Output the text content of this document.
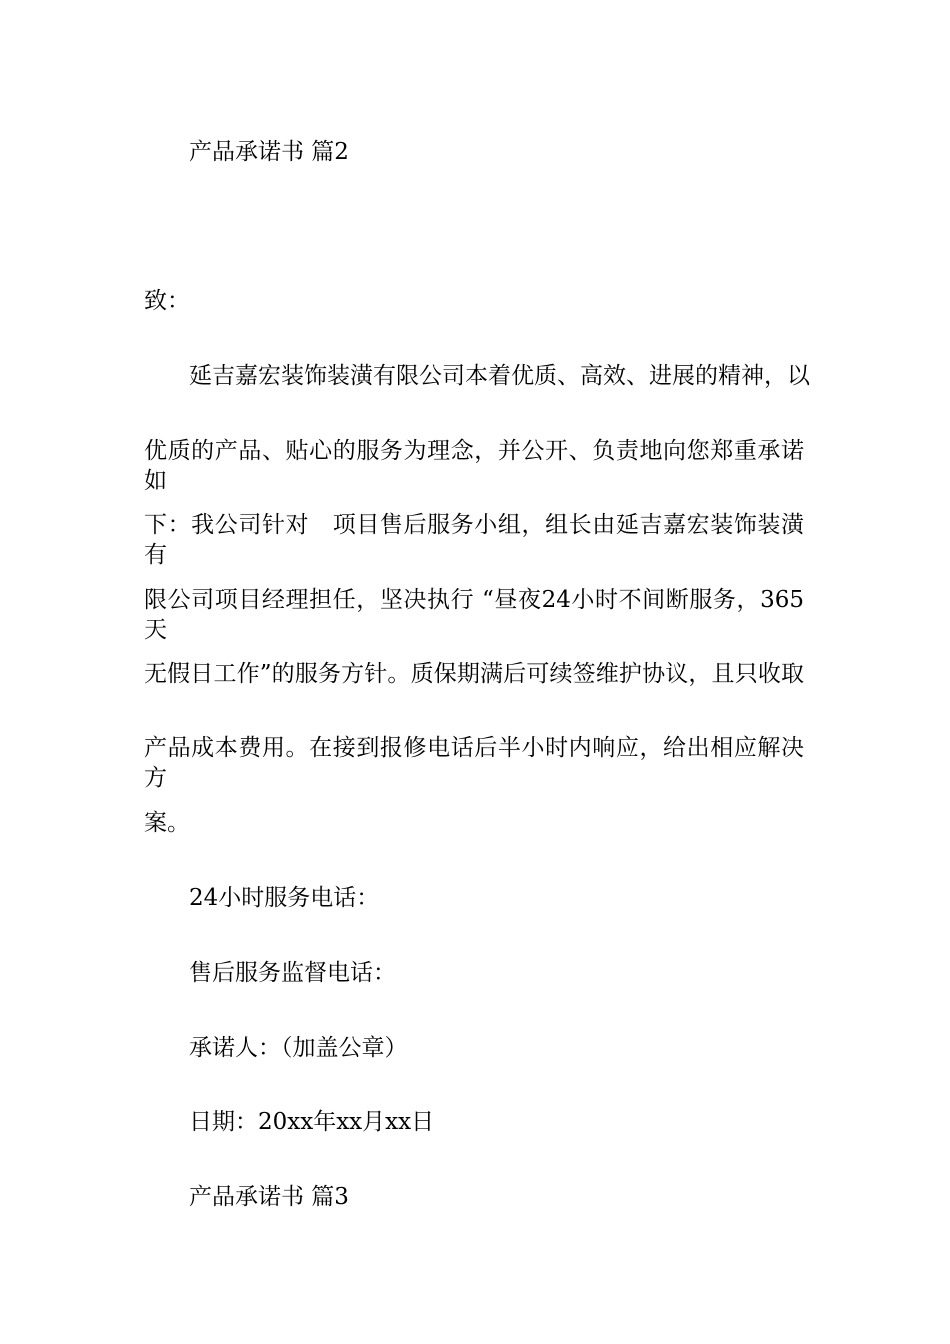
产品承诺书 篇2
致：
延吉嘉宏装饰装潢有限公司本着优质、高效、进展的精神，以
优质的产品、贴心的服务为理念，并公开、负责地向您郑重承诺如
下：我公司针对　项目售后服务小组，组长由延吉嘉宏装饰装潢有
限公司项目经理担任，坚决执行 “昼夜24小时不间断服务，365天
无假日工作”的服务方针。质保期满后可续签维护协议，且只收取
产品成本费用。在接到报修电话后半小时内响应，给出相应解决方
案。
24小时服务电话：
售后服务监督电话：
承诺人：（加盖公章）
日期：20xx年xx月xx日
产品承诺书 篇3
